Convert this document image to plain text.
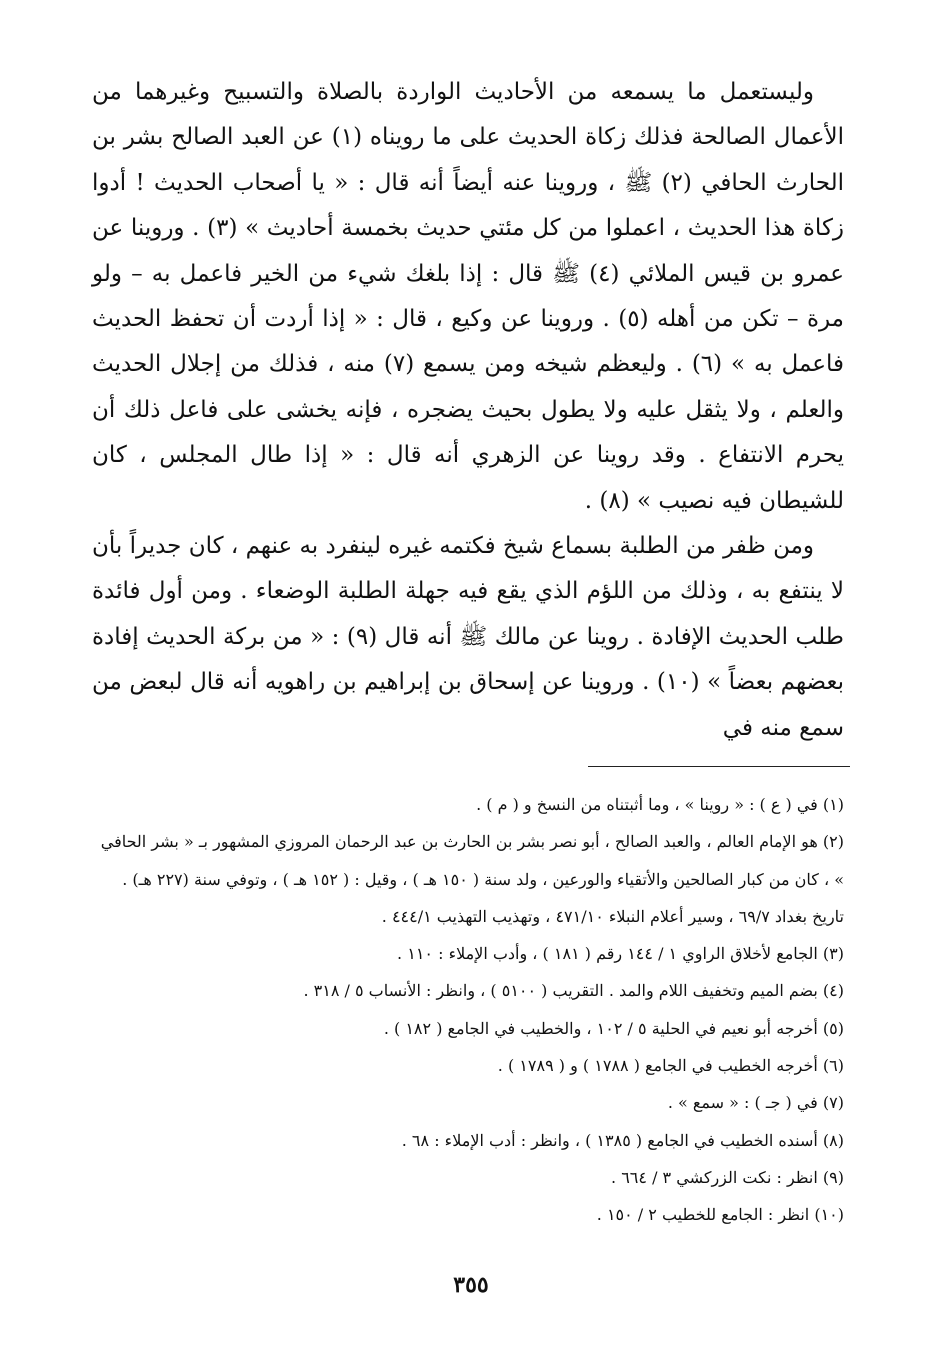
وليستعمل ما يسمعه من الأحاديث الواردة بالصلاة والتسبيح وغيرهما من الأعمال الصالحة فذلك زكاة الحديث على ما رويناه (١) عن العبد الصالح بشر بن الحارث الحافي (٢) ﷺ ، وروينا عنه أيضاً أنه قال : « يا أصحاب الحديث ! أدوا زكاة هذا الحديث ، اعملوا من كل مئتي حديث بخمسة أحاديث » (٣) . وروينا عن عمرو بن قيس الملائي (٤) ﷺ قال : إذا بلغك شيء من الخير فاعمل به – ولو مرة – تكن من أهله (٥) . وروينا عن وكيع ، قال : « إذا أردت أن تحفظ الحديث فاعمل به » (٦) . وليعظم شيخه ومن يسمع (٧) منه ، فذلك من إجلال الحديث والعلم ، ولا يثقل عليه ولا يطول بحيث يضجره ، فإنه يخشى على فاعل ذلك أن يحرم الانتفاع . وقد روينا عن الزهري أنه قال : « إذا طال المجلس ، كان للشيطان فيه نصيب » (٨) .

ومن ظفر من الطلبة بسماع شيخ فكتمه غيره لينفرد به عنهم ، كان جديراً بأن لا ينتفع به ، وذلك من اللؤم الذي يقع فيه جهلة الطلبة الوضعاء . ومن أول فائدة طلب الحديث الإفادة . روينا عن مالك ﷺ أنه قال (٩) : « من بركة الحديث إفادة بعضهم بعضاً » (١٠) . وروينا عن إسحاق بن إبراهيم بن راهويه أنه قال لبعض من سمع منه في

(١) في ( ع ) : « روينا » ، وما أثبتناه من النسخ و ( م ) .

(٢) هو الإمام العالم ، والعبد الصالح ، أبو نصر بشر بن الحارث بن عبد الرحمان المروزي المشهور بـ « بشر الحافي » ، كان من كبار الصالحين والأتقياء والورعين ، ولد سنة ( ١٥٠ هـ ) ، وقيل : ( ١٥٢ هـ ) ، وتوفي سنة (٢٢٧ هـ) . تاريخ بغداد ٦٩/٧ ، وسير أعلام النبلاء ٤٧١/١٠ ، وتهذيب التهذيب ٤٤٤/١ .

(٣) الجامع لأخلاق الراوي ١ / ١٤٤ رقم ( ١٨١ ) ، وأدب الإملاء : ١١٠ .

(٤) بضم الميم وتخفيف اللام والمد . التقريب ( ٥١٠٠ ) ، وانظر : الأنساب ٥ / ٣١٨ .

(٥) أخرجه أبو نعيم في الحلية ٥ / ١٠٢ ، والخطيب في الجامع ( ١٨٢ ) .

(٦) أخرجه الخطيب في الجامع ( ١٧٨٨ ) و ( ١٧٨٩ ) .

(٧) في ( جـ ) : « سمع » .

(٨) أسنده الخطيب في الجامع ( ١٣٨٥ ) ، وانظر : أدب الإملاء : ٦٨ .

(٩) انظر : نكت الزركشي ٣ / ٦٦٤ .

(١٠) انظر : الجامع للخطيب ٢ / ١٥٠ .

٣٥٥
